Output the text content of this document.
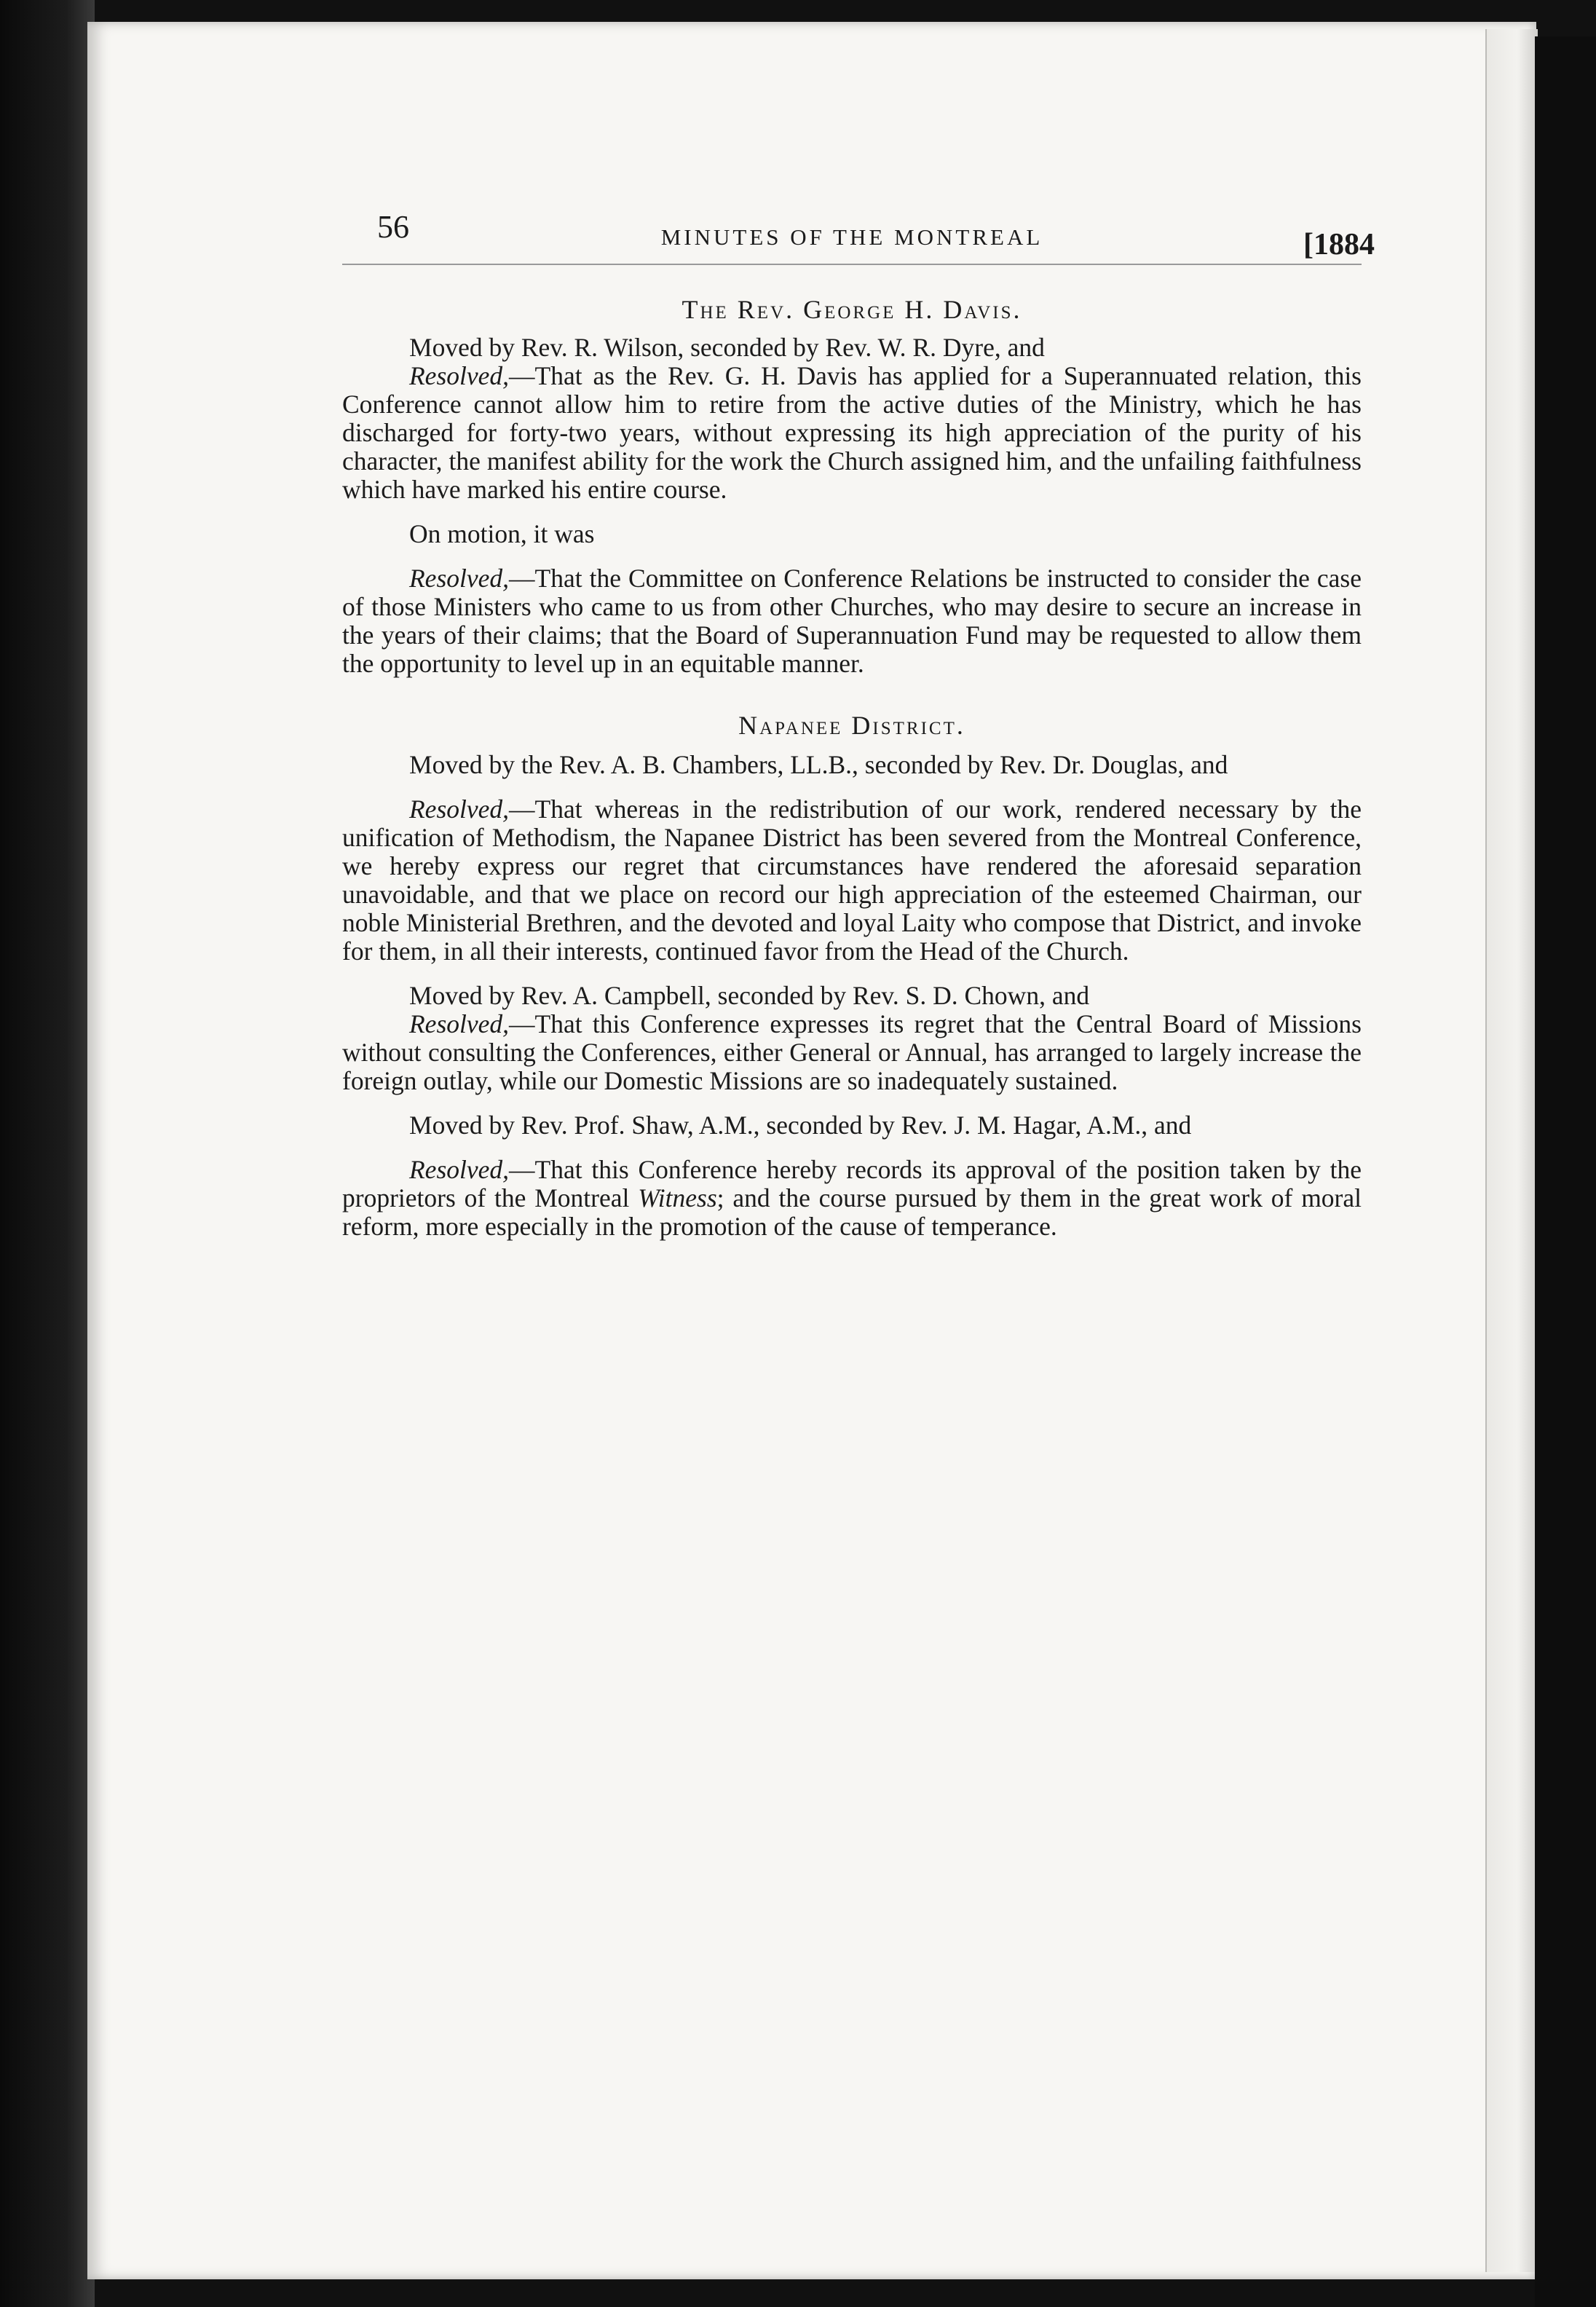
56	MINUTES OF THE MONTREAL	[1884
The Rev. George H. Davis.

Moved by Rev. R. Wilson, seconded by Rev. W. R. Dyre, and

Resolved,—That as the Rev. G. H. Davis has applied for a Superannuated relation, this Conference cannot allow him to retire from the active duties of the Ministry, which he has discharged for forty-two years, without expressing its high appreciation of the purity of his character, the manifest ability for the work the Church assigned him, and the unfailing faithfulness which have marked his entire course.

On motion, it was

Resolved,—That the Committee on Conference Relations be instructed to consider the case of those Ministers who came to us from other Churches, who may desire to secure an increase in the years of their claims; that the Board of Superannuation Fund may be requested to allow them the opportunity to level up in an equitable manner.

Napanee District.

Moved by the Rev. A. B. Chambers, LL.B., seconded by Rev. Dr. Douglas, and

Resolved,—That whereas in the redistribution of our work, rendered necessary by the unification of Methodism, the Napanee District has been severed from the Montreal Conference, we hereby express our regret that circumstances have rendered the aforesaid separation unavoidable, and that we place on record our high appreciation of the esteemed Chairman, our noble Ministerial Brethren, and the devoted and loyal Laity who compose that District, and invoke for them, in all their interests, continued favor from the Head of the Church.

Moved by Rev. A. Campbell, seconded by Rev. S. D. Chown, and

Resolved,—That this Conference expresses its regret that the Central Board of Missions without consulting the Conferences, either General or Annual, has arranged to largely increase the foreign outlay, while our Domestic Missions are so inadequately sustained.

Moved by Rev. Prof. Shaw, A.M., seconded by Rev. J. M. Hagar, A.M., and

Resolved,—That this Conference hereby records its approval of the position taken by the proprietors of the Montreal Witness; and the course pursued by them in the great work of moral reform, more especially in the promotion of the cause of temperance.
